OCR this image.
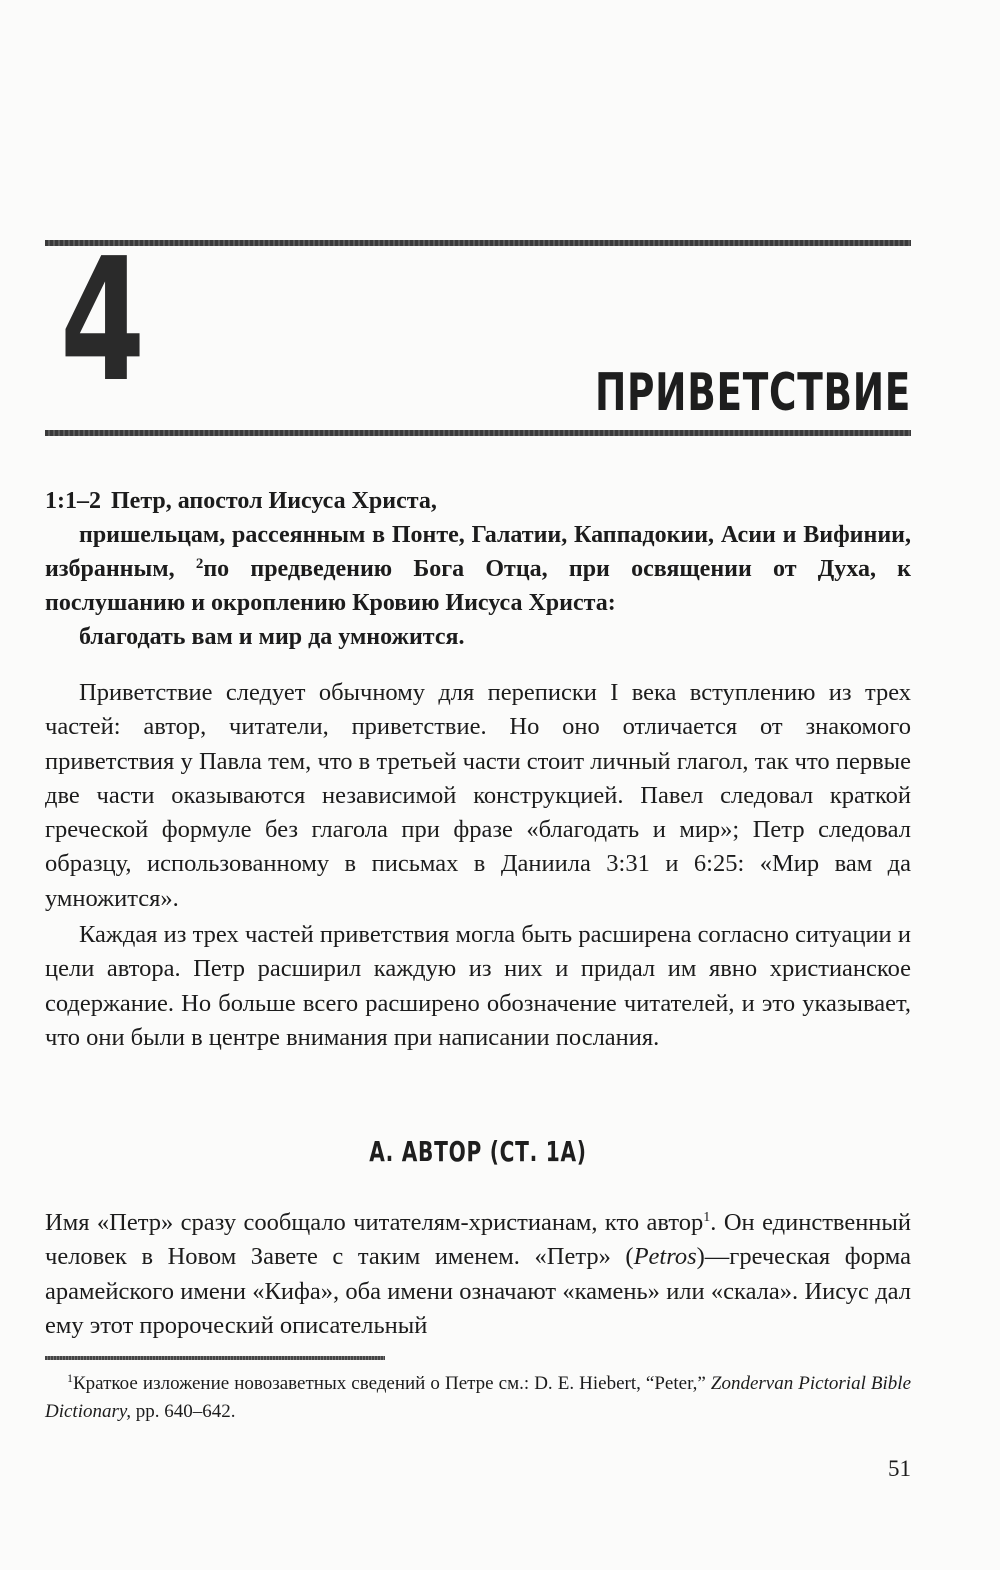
4	ПРИВЕТСТВИЕ

1:1–2 Петр, апостол Иисуса Христа,

пришельцам, рассеянным в Понте, Галатии, Каппадокии, Асии и Вифинии, избранным, $^2$по предведению Бога Отца, при освящении от Духа, к послушанию и окроплению Кровию Иисуса Христа:

благодать вам и мир да умножится.

Приветствие следует обычному для переписки I века вступлению из трех частей: автор, читатели, приветствие. Но оно отличается от знакомого приветствия у Павла тем, что в третьей части стоит личный глагол, так что первые две части оказываются независимой конструкцией. Павел следовал краткой греческой формуле без глагола при фразе «благодать и мир»; Петр следовал образцу, использованному в письмах в Даниила 3:31 и 6:25: «Мир вам да умножится».

Каждая из трех частей приветствия могла быть расширена согласно ситуации и цели автора. Петр расширил каждую из них и придал им явно христианское содержание. Но больше всего расширено обозначение читателей, и это указывает, что они были в центре внимания при написании послания.

А. АВТОР (СТ. 1А)

Имя «Петр» сразу сообщало читателям-христианам, кто автор$^1$. Он единственный человек в Новом Завете с таким именем. «Петр» (Petros)—греческая форма арамейского имени «Кифа», оба имени означают «камень» или «скала». Иисус дал ему этот пророческий описательный

$^1$Краткое изложение новозаветных сведений о Петре см.: D. E. Hiebert, “Peter,” Zondervan Pictorial Bible Dictionary, pp. 640–642.

51
